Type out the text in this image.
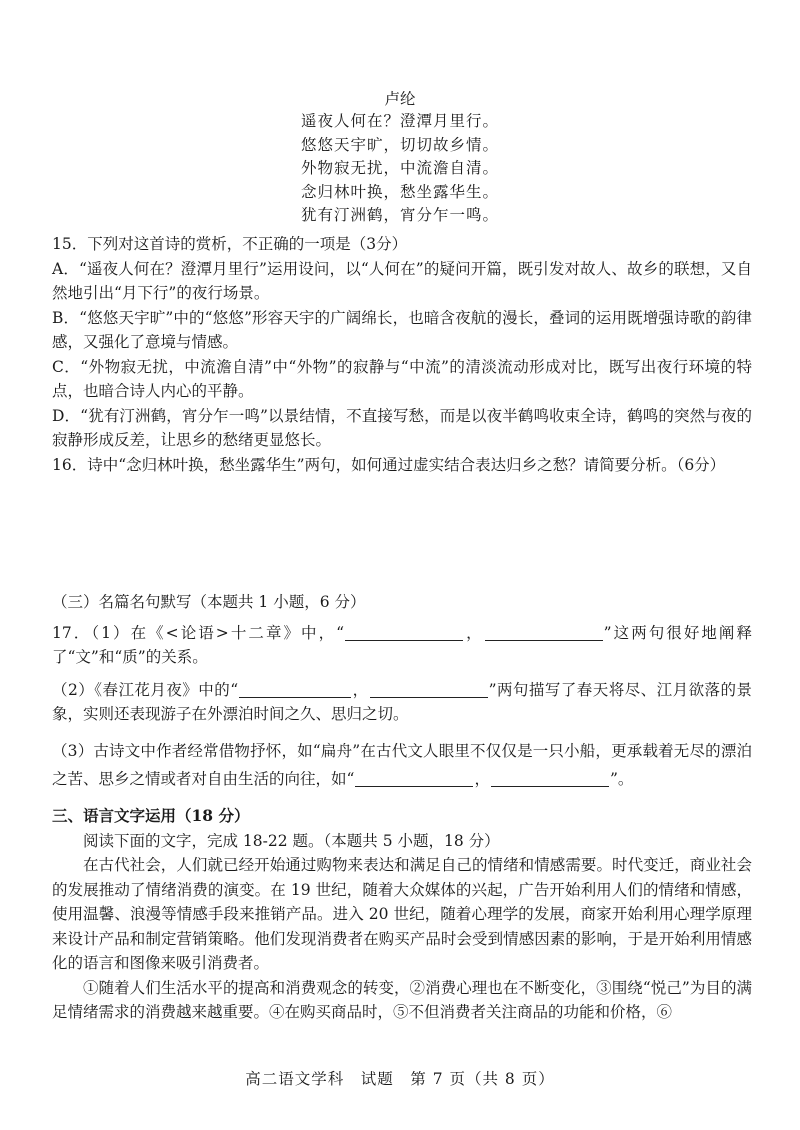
卢纶
遥夜人何在？澄潭月里行。
悠悠天宇旷，切切故乡情。
外物寂无扰，中流澹自清。
念归林叶换，愁坐露华生。
犹有汀洲鹤，宵分乍一鸣。
15．下列对这首诗的赏析，不正确的一项是（3分）
A．“遥夜人何在？澄潭月里行”运用设问，以“人何在”的疑问开篇，既引发对故人、故乡的联想，又自然地引出“月下行”的夜行场景。
B．“悠悠天宇旷”中的“悠悠”形容天宇的广阔绵长，也暗含夜航的漫长，叠词的运用既增强诗歌的韵律感，又强化了意境与情感。
C．“外物寂无扰，中流澹自清”中“外物”的寂静与“中流”的清淡流动形成对比，既写出夜行环境的特点，也暗合诗人内心的平静。
D．“犹有汀洲鹤，宵分乍一鸣”以景结情，不直接写愁，而是以夜半鹤鸣收束全诗，鹤鸣的突然与夜的寂静形成反差，让思乡的愁绪更显悠长。
16．诗中“念归林叶换，愁坐露华生”两句，如何通过虚实结合表达归乡之愁？请简要分析。（6分）
（三）名篇名句默写（本题共 1 小题，6 分）
17．（1）在《<论语>十二章》中，“	，	”这两句很好地阐释了“文”和“质”的关系。
（2）《春江花月夜》中的“	，	”两句描写了春天将尽、江月欲落的景象，实则还表现游子在外漂泊时间之久、思归之切。
（3）古诗文中作者经常借物抒怀，如“扁舟”在古代文人眼里不仅仅是一只小船，更承载着无尽的漂泊之苦、思乡之情或者对自由生活的向往，如“	，	”。
三、语言文字运用（18 分）
阅读下面的文字，完成 18-22 题。（本题共 5 小题，18 分）
在古代社会，人们就已经开始通过购物来表达和满足自己的情绪和情感需要。时代变迁，商业社会的发展推动了情绪消费的演变。在 19 世纪，随着大众媒体的兴起，广告开始利用人们的情绪和情感，使用温馨、浪漫等情感手段来推销产品。进入 20 世纪，随着心理学的发展，商家开始利用心理学原理来设计产品和制定营销策略。他们发现消费者在购买产品时会受到情感因素的影响，于是开始利用情感化的语言和图像来吸引消费者。
①随着人们生活水平的提高和消费观念的转变，②消费心理也在不断变化，③围绕“悦己”为目的满足情绪需求的消费越来越重要。④在购买商品时，⑤不但消费者关注商品的功能和价格，⑥
高二语文学科　试题　第 7 页（共 8 页）
